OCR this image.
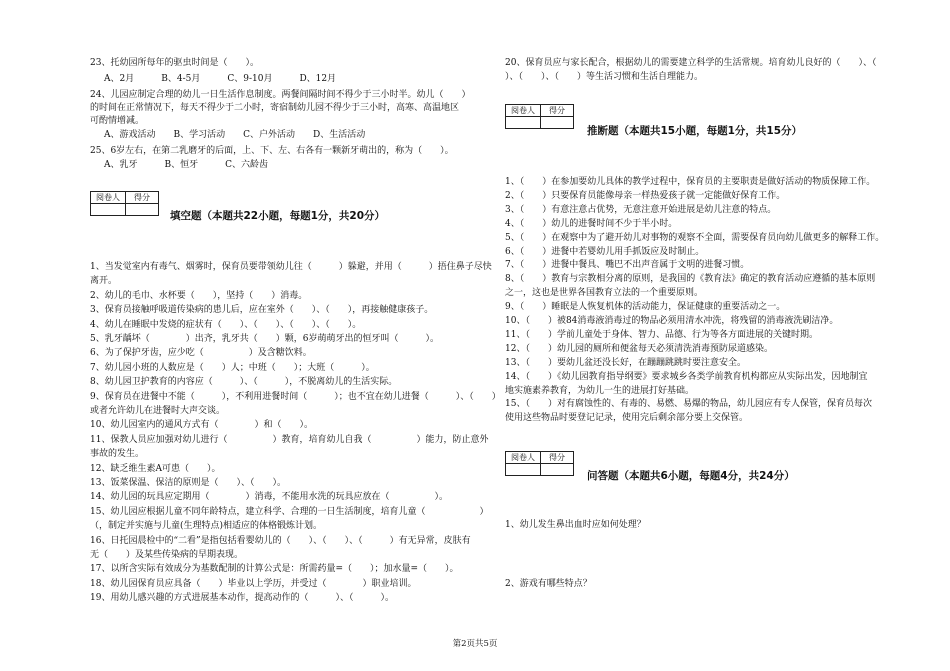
23、托幼园所每年的驱虫时间是（　　）。
A、2月　　　B、4-5月　　　C、9-10月　　　D、12月
24、儿园应制定合理的幼儿一日生活作息制度。两餐间隔时间不得少于三小时半。幼儿（　　）
的时间在正常情况下，每天不得少于二小时，寄宿制幼儿园不得少于三小时，高寒、高温地区
可酌情增减。
A、游戏活动　　B、学习活动　　C、户外活动　　D、生活活动
25、6岁左右，在第二乳磨牙的后面，上、下、左、右各有一颗新牙萌出的，称为（　　）。
A、乳牙　　　B、恒牙　　　C、六龄齿
阅卷人	得分

填空题（本题共22小题，每题1分，共20分）
1、当发觉室内有毒气、烟雾时，保育员要带领幼儿往（　　　）躲避，并用（　　　）捂住鼻子尽快
离开。
2、幼儿的毛巾、水杯要（　　），坚持（　　）消毒。
3、保育员接触呼吸道传染病的患儿后，应在室外（　　）、（　　），再接触健康孩子。
4、幼儿在睡眠中发烧的症状有（　　）、（　　）、（　　）、（　　）。
5、乳牙龋坏（　　　　）出齐，乳牙共（　　）颗，6岁萌萌牙出的恒牙叫（　　　）。
6、为了保护牙齿，应少吃（　　　　　）及含糖饮料。
7、幼儿园小班的人数应是（　　）人；中班（　　）；大班（　　　）。
8、幼儿园卫护教育的内容应（　　　）、（　　　），不脱离幼儿的生活实际。
9、保育员在进餐中不能（　　　），不利用进餐时间（　　　）；也不宜在幼儿进餐（　　　）、（　　）
或者允许幼儿在进餐时大声交谈。
10、幼儿园室内的通风方式有（　　　　）和（　　）。
11、保教人员应加强对幼儿进行（　　　　　）教育，培育幼儿自我（　　　　　）能力，防止意外
事故的发生。
12、缺乏维生素A可患（　　）。
13、饭菜保温、保洁的原则是（　　）、（　　）。
14、幼儿园的玩具应定期用（　　　　）消毒，不能用水洗的玩具应放在（　　　　　）。
15、幼儿园应根据儿童不同年龄特点，建立科学、合理的一日生活制度，培育儿童（　　　　　　）
（，制定并实施与儿童(生理特点)相适应的体格锻炼计划。
16、日托园晨检中的“二看”是指包括看婴幼儿的（　　）、（　　）、（　　　）有无异常，皮肤有
无（　　）及某些传染病的早期表现。
17、以所含实际有效成分为基数配制的计算公式是：所需药量=（　　）；加水量=（　　）。
18、幼儿园保育员应具备（　　）毕业以上学历，并受过（　　　　）职业培训。
19、用幼儿感兴趣的方式进展基本动作，提高动作的（　　　）、（　　　）。
20、保育员应与家长配合，根据幼儿的需要建立科学的生活常规。培育幼儿良好的（　　）、（　　
）、（　　）、（　　）等生活习惯和生活自理能力。
阅卷人	得分

推断题（本题共15小题，每题1分，共15分）
1、（　　）在参加要幼儿具体的教学过程中，保育员的主要职责是做好活动的物质保障工作。
2、（　　）只要保育员能像母亲一样热爱孩子就一定能做好保育工作。
3、（　　）有意注意占优势，无意注意开始进展是幼儿注意的特点。
4、（　　）幼儿的进餐时间不少于半小时。
5、（　　）在观察中为了避开幼儿对事物的观察不全面，需要保育员向幼儿做更多的解释工作。
6、（　　）进餐中若婴幼儿用手抓饭应及时制止。
7、（　　）进餐中餐具、嘴巴不出声音属于文明的进餐习惯。
8、（　　）教育与宗教相分离的原则，是我国的《教育法》确定的教育活动应遵循的基本原则
之一，这也是世界各国教育立法的一个重要原则。
9、（　　）睡眠是人恢复机体的活动能力，保证健康的重要活动之一。
10、（　　）被84消毒液消毒过的物品必须用清水冲洗，将残留的消毒液洗刷洁净。
11、（　　）学前儿童处于身体、智力、品德、行为等各方面进展的关键时期。
12、（　　）幼儿园的厕所和便盆每天必须清洗消毒预防尿道感染。
13、（　　）要幼儿盆还没长好，在蹦蹦跳跳时要注意安全。
14、（　　）《幼儿园教育指导纲要》要求城乡各类学前教育机构都应从实际出发，因地制宜
地实施素养教育，为幼儿一生的进展打好基础。
15、（　　）对有腐蚀性的、有毒的、易燃、易爆的物品，幼儿园应有专人保管，保育员每次
使用这些物品时要登记记录，使用完后剩余部分要上交保管。
阅卷人	得分

问答题（本题共6小题，每题4分，共24分）
1、幼儿发生鼻出血时应如何处理？
2、游戏有哪些特点？
第2页共5页
